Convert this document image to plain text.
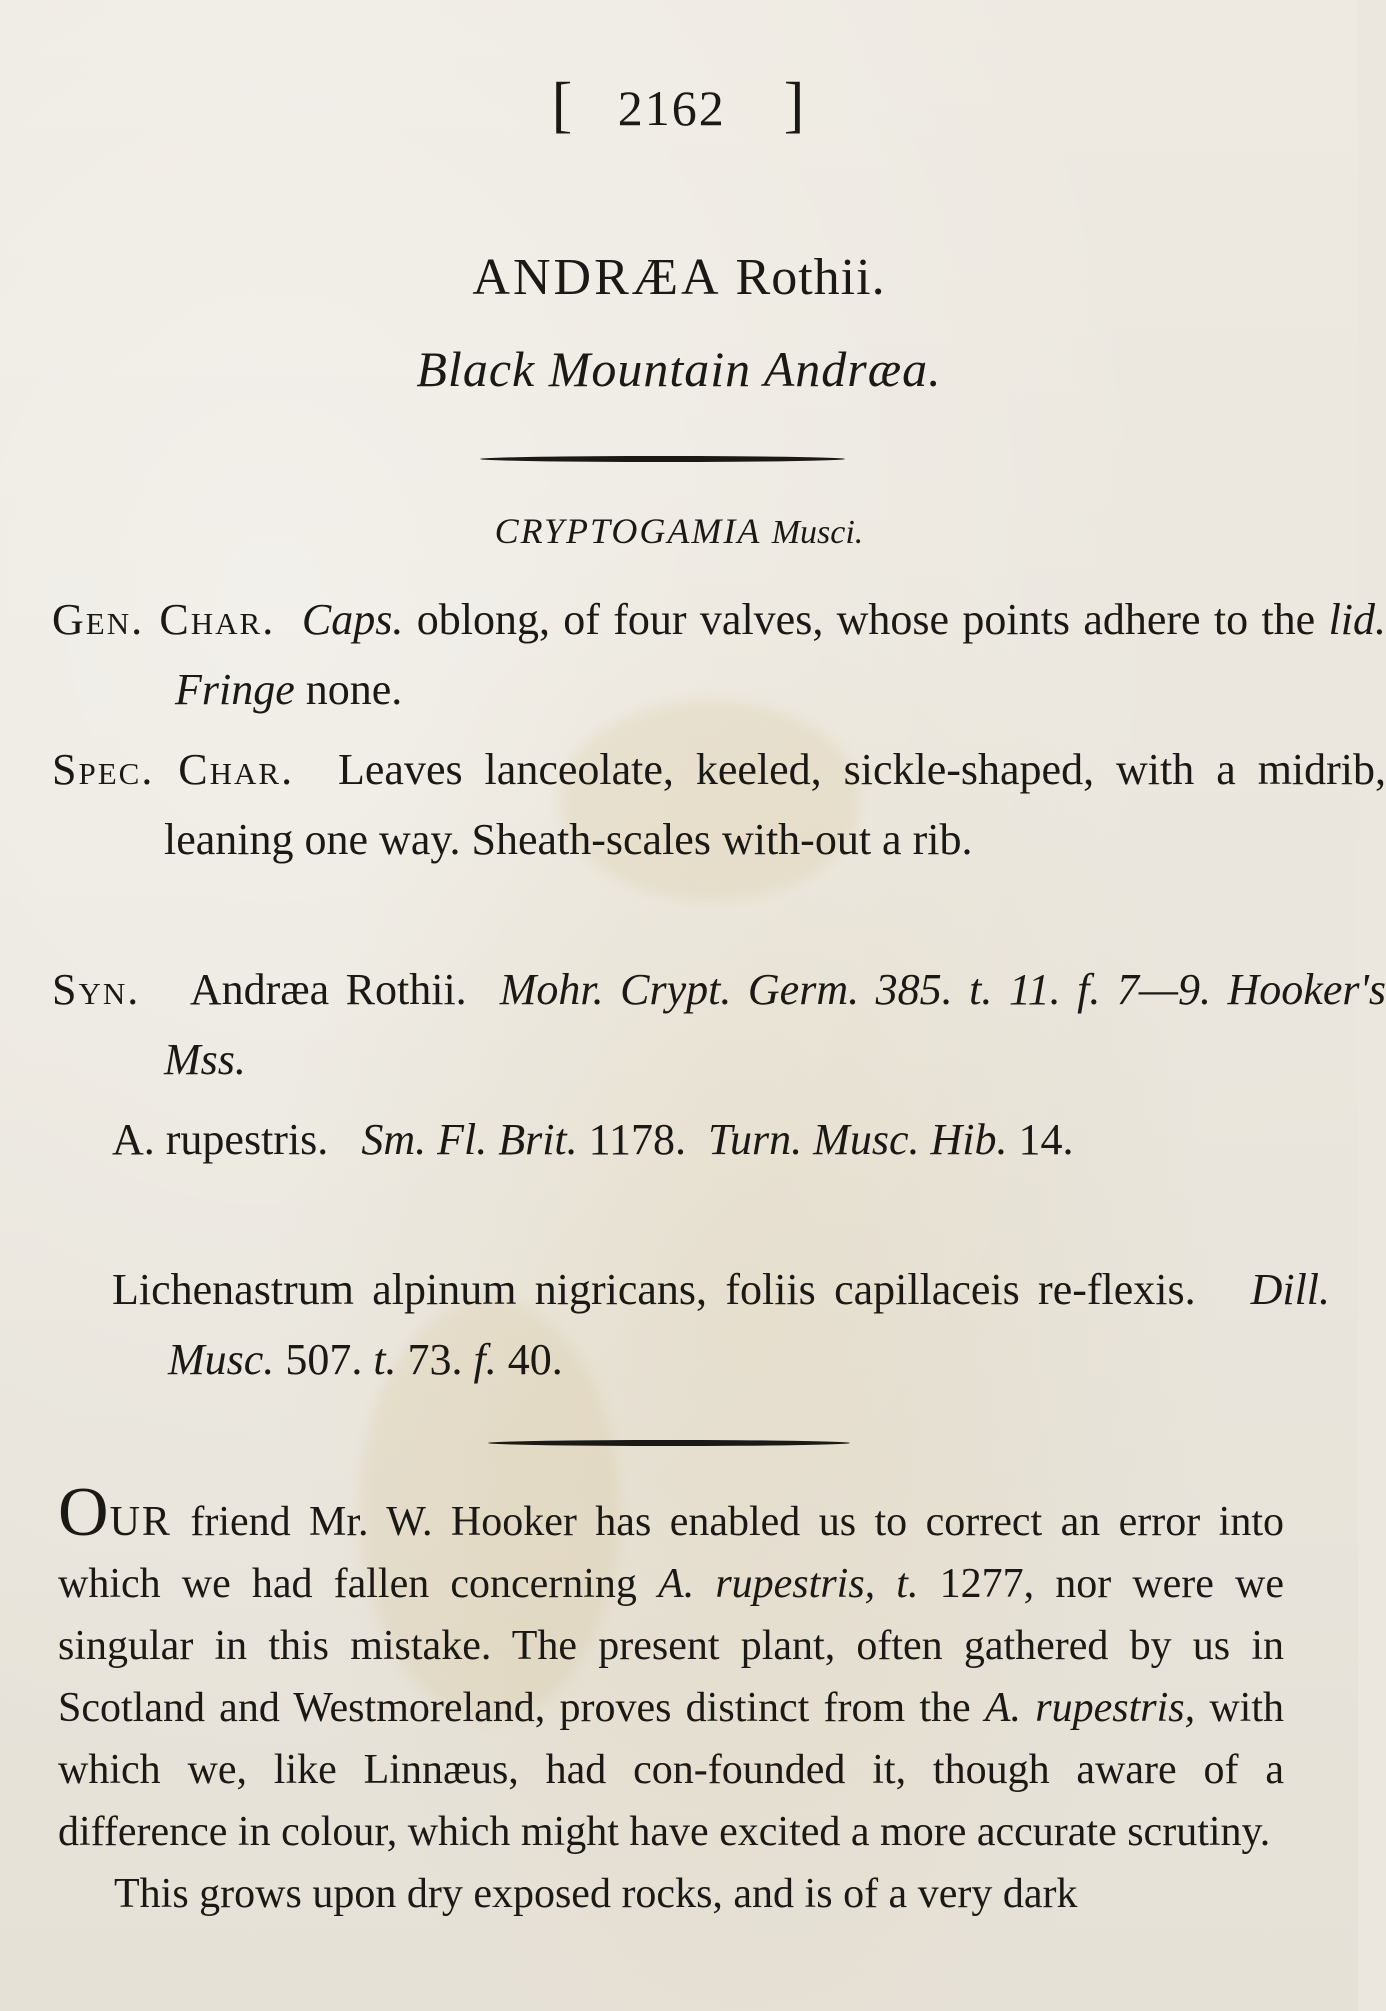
[ 2162 ]
ANDRÆA Rothii.
Black Mountain Andræa.
CRYPTOGAMIA Musci.
Gen. Char. Caps. oblong, of four valves, whose points adhere to the lid.  Fringe none.
Spec. Char. Leaves lanceolate, keeled, sickle-shaped, with a midrib, leaning one way. Sheath-scales with-out a rib.
Syn. Andræa Rothii. Mohr. Crypt. Germ. 385. t. 11. f. 7—9. Hooker's Mss.
A. rupestris. Sm. Fl. Brit. 1178. Turn. Musc. Hib. 14.
Lichenastrum alpinum nigricans, foliis capillaceis re-flexis. Dill. Musc. 507. t. 73. f. 40.

OUR friend Mr. W. Hooker has enabled us to correct an error into which we had fallen concerning A. rupestris, t. 1277, nor were we singular in this mistake. The present plant, often gathered by us in Scotland and Westmoreland, proves distinct from the A. rupestris, with which we, like Linnæus, had con-founded it, though aware of a difference in colour, which might have excited a more accurate scrutiny.

This grows upon dry exposed rocks, and is of a very dark
